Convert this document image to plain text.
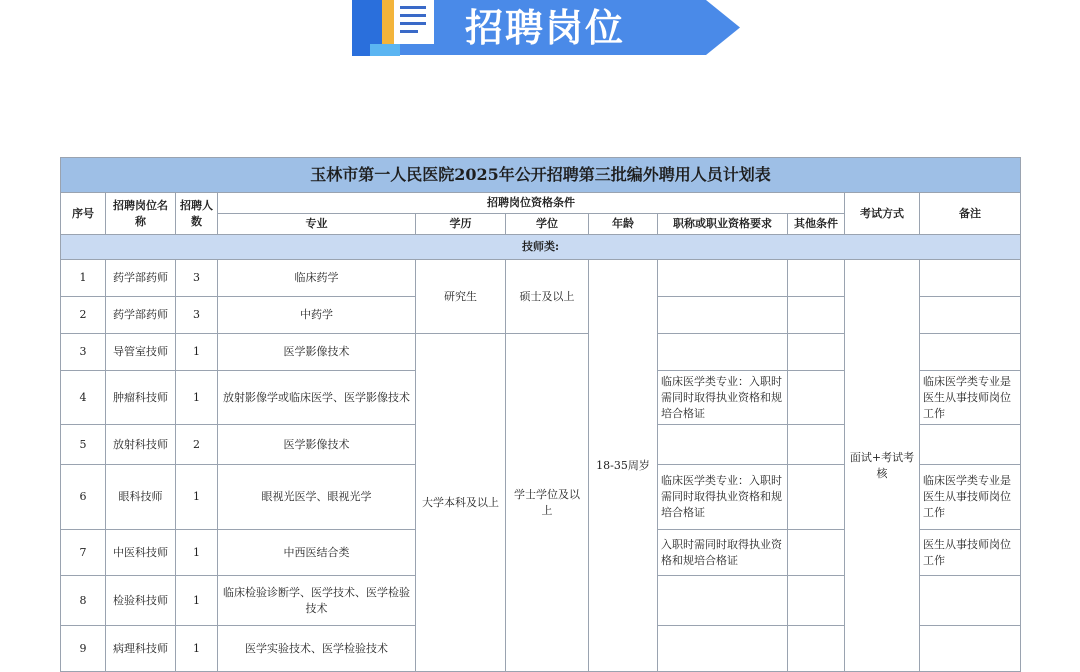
招聘岗位
玉林市第一人民医院2025年公开招聘第三批编外聘用人员计划表										
序号	招聘岗位名称	招聘人数	招聘岗位资格条件						考试方式	备注
			专业	学历	学位	年龄	职称或职业资格要求	其他条件		
技师类:										
1	药学部药师	3	临床药学	研究生	硕士及以上	18-35周岁			面试+考试考核	
2	药学部药师	3	中药学							
3	导管室技师	1	医学影像技术	大学本科及以上	学士学位及以上					
4	肿瘤科技师	1	放射影像学或临床医学、医学影像技术				临床医学类专业：入职时需同时取得执业资格和规培合格证			临床医学类专业是医生从事技师岗位工作
5	放射科技师	2	医学影像技术							
6	眼科技师	1	眼视光医学、眼视光学				临床医学类专业：入职时需同时取得执业资格和规培合格证			临床医学类专业是医生从事技师岗位工作
7	中医科技师	1	中西医结合类				入职时需同时取得执业资格和规培合格证			医生从事技师岗位工作
8	检验科技师	1	临床检验诊断学、医学技术、医学检验技术							
9	病理科技师	1	医学实验技术、医学检验技术							
